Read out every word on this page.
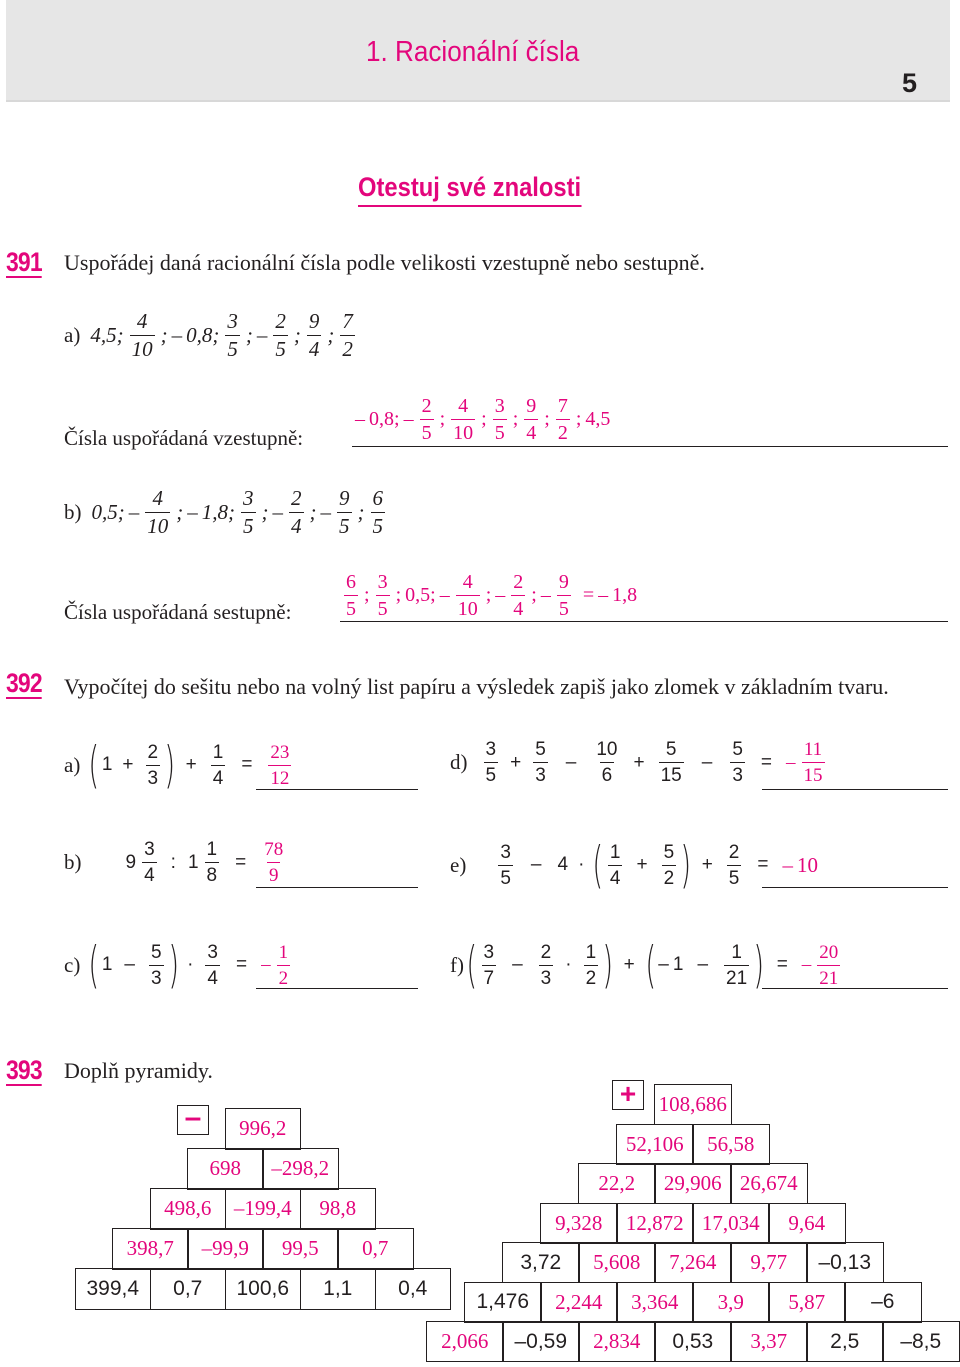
1. Racionální čísla
5
Otestuj své znalosti
391 Uspořádej daná racionální čísla podle velikosti vzestupně nebo sestupně.
a) 4,5; $\frac{4}{10}$ ; – 0,8; $\frac{3}{5}$ ; – $\frac{2}{5}$ ; $\frac{9}{4}$ ; $\frac{7}{2}$
Čísla uspořádaná vzestupně:
– 0,8; – $\frac{2}{5}$ ; $\frac{4}{10}$ ; $\frac{3}{5}$ ; $\frac{9}{4}$ ; $\frac{7}{2}$ ; 4,5
b) 0,5; – $\frac{4}{10}$ ; – 1,8; $\frac{3}{5}$ ; – $\frac{2}{4}$ ; – $\frac{9}{5}$ ; $\frac{6}{5}$
Čísla uspořádaná sestupně:	$\frac{6}{5}$ ; $\frac{3}{5}$ ; 0,5; – $\frac{4}{10}$ ; – $\frac{2}{4}$ ; – $\frac{9}{5}$ = – 1,8
392 Vypočítej do sešitu nebo na volný list papíru a výsledek zapiš jako zlomek v základním tvaru.
a) ( $1 + \frac{2}{3}$ ) + $\frac{1}{4} = \frac{23}{12}$
b) $9 \frac{3}{4}$ : $1 \frac{1}{8} = \frac{78}{9}$
c) ( $1 - \frac{5}{3}$ ) · $\frac{3}{4}$ = – $\frac{1}{2}$
$d) \frac{3}{5} + \frac{5}{3} - \frac{10}{6} + \frac{5}{15} - \frac{5}{3}$ = – $\frac{11}{15}$
$e) \frac{3}{5} - 4$ · ( $\frac{1}{4} + \frac{5}{2}$ ) + $\frac{2}{5}$ = – 10
f) ( $\frac{3}{7} - \frac{2}{3} \cdot \frac{1}{2}$ ) + ( – $1 - \frac{1}{21}$ ) = – $\frac{20}{21}$
393 Doplň pyramidy.
–
+
996,2
698	–298,2
498,6	–199,4	98,8
398,7	–99,9	99,5	0,7
399,4	0,7	100,6	1,1	0,4
108,686
52,106	56,58
22,2	29,906 26,674
9,328	12,872 17,034	9,64
3,72	5,608	7,264	9,77	–0,13
1,476	2,244	3,364	3,9	5,87	–6
2,066	–0,59	2,834	0,53	3,37	2,5	–8,5
